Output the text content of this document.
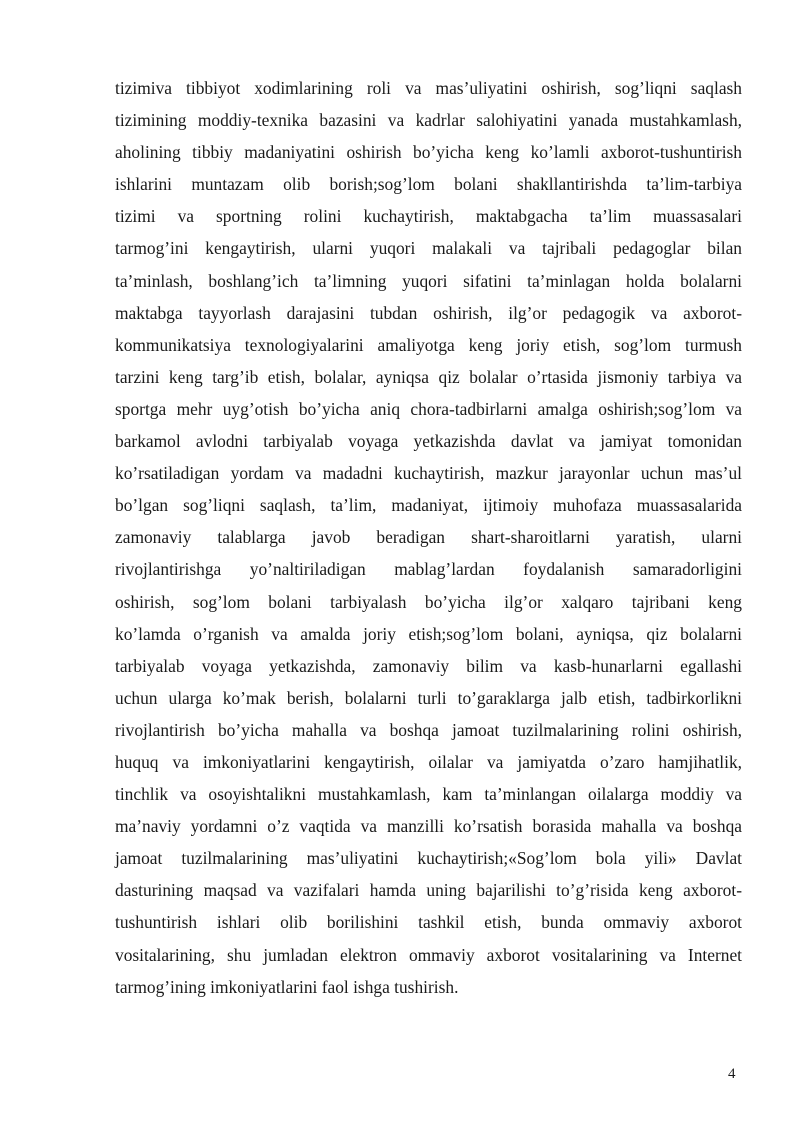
tizimiva tibbiyot xodimlarining roli va mas’uliyatini oshirish, sog’liqni saqlash
tizimining moddiy-texnika bazasini va kadrlar salohiyatini yanada mustahkamlash,
aholining tibbiy madaniyatini oshirish bo’yicha keng ko’lamli axborot-tushuntirish
ishlarini muntazam olib borish;sog’lom bolani shakllantirishda ta’lim-tarbiya
tizimi va sportning rolini kuchaytirish, maktabgacha ta’lim muassasalari
tarmog’ini kengaytirish, ularni yuqori malakali va tajribali pedagoglar bilan
ta’minlash, boshlang’ich ta’limning yuqori sifatini ta’minlagan holda bolalarni
maktabga tayyorlash darajasini tubdan oshirish, ilg’or pedagogik va axborot-
kommunikatsiya texnologiyalarini amaliyotga keng joriy etish, sog’lom turmush
tarzini keng targ’ib etish, bolalar, ayniqsa qiz bolalar o’rtasida jismoniy tarbiya va
sportga mehr uyg’otish bo’yicha aniq chora-tadbirlarni amalga oshirish;sog’lom va
barkamol avlodni tarbiyalab voyaga yetkazishda davlat va jamiyat tomonidan
ko’rsatiladigan yordam va madadni kuchaytirish, mazkur jarayonlar uchun mas’ul
bo’lgan sog’liqni saqlash, ta’lim, madaniyat, ijtimoiy muhofaza muassasalarida
zamonaviy talablarga javob beradigan shart-sharoitlarni yaratish, ularni
rivojlantirishga yo’naltiriladigan mablag’lardan foydalanish samaradorligini
oshirish, sog’lom bolani tarbiyalash bo’yicha ilg’or xalqaro tajribani keng
ko’lamda o’rganish va amalda joriy etish;sog’lom bolani, ayniqsa, qiz bolalarni
tarbiyalab voyaga yetkazishda, zamonaviy bilim va kasb-hunarlarni egallashi
uchun ularga ko’mak berish, bolalarni turli to’garaklarga jalb etish, tadbirkorlikni
rivojlantirish bo’yicha mahalla va boshqa jamoat tuzilmalarining rolini oshirish,
huquq va imkoniyatlarini kengaytirish, oilalar va jamiyatda o’zaro hamjihatlik,
tinchlik va osoyishtalikni mustahkamlash, kam ta’minlangan oilalarga moddiy va
ma’naviy yordamni o’z vaqtida va manzilli ko’rsatish borasida mahalla va boshqa
jamoat tuzilmalarining mas’uliyatini kuchaytirish;«Sog’lom bola yili» Davlat
dasturining maqsad va vazifalari hamda uning bajarilishi to’g’risida keng axborot-
tushuntirish ishlari olib borilishini tashkil etish, bunda ommaviy axborot
vositalarining, shu jumladan elektron ommaviy axborot vositalarining va Internet
tarmog’ining imkoniyatlarini faol ishga tushirish.
4
